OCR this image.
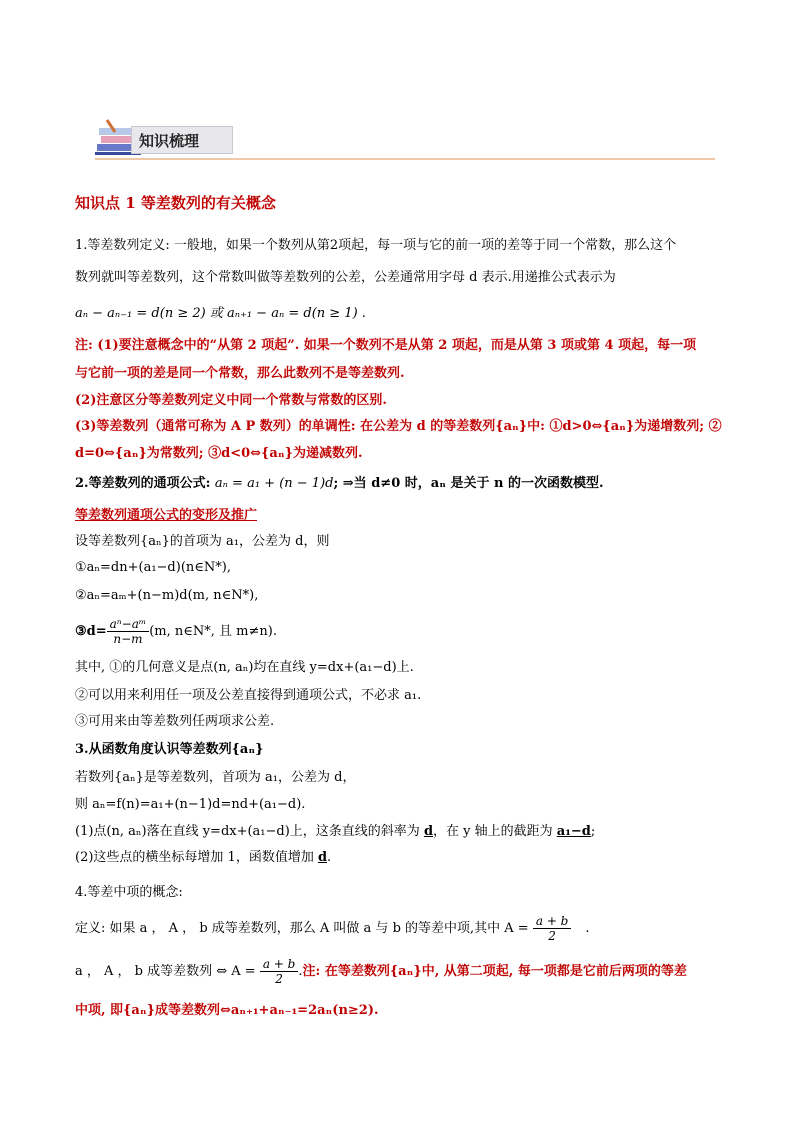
知识梳理
知识点 1 等差数列的有关概念
1.等差数列定义: 一般地，如果一个数列从第2项起，每一项与它的前一项的差等于同一个常数，那么这个
数列就叫等差数列，这个常数叫做等差数列的公差，公差通常用字母 d 表示.用递推公式表示为
aₙ − aₙ₋₁ = d(n ≥ 2) 或 aₙ₊₁ − aₙ = d(n ≥ 1) .
注: (1)要注意概念中的“从第 2 项起”. 如果一个数列不是从第 2 项起，而是从第 3 项或第 4 项起，每一项
与它前一项的差是同一个常数，那么此数列不是等差数列.
(2)注意区分等差数列定义中同一个常数与常数的区别.
(3)等差数列（通常可称为 A P 数列）的单调性: 在公差为 d 的等差数列{aₙ}中: ①d>0⇔{aₙ}为递增数列; ②
d=0⇔{aₙ}为常数列; ③d<0⇔{aₙ}为递减数列.
2.等差数列的通项公式: aₙ = a₁ + (n − 1)d; ⇒当 d≠0 时，aₙ 是关于 n 的一次函数模型.
等差数列通项公式的变形及推广
设等差数列{aₙ}的首项为 a₁，公差为 d，则
①aₙ=dn+(a₁−d)(n∈N*),
②aₙ=aₘ+(n−m)d(m, n∈N*),
③d= $\frac{\text{aⁿ−aᵐ}}{n-m} (m$, n∈N*, 且 m≠n).
其中, ①的几何意义是点(n, aₙ)均在直线 y=dx+(a₁−d)上.
②可以用来利用任一项及公差直接得到通项公式，不必求 a₁.
③可用来由等差数列任两项求公差.
3.从函数角度认识等差数列{aₙ}
若数列{aₙ}是等差数列，首项为 a₁，公差为 d，
则 aₙ=f(n)=a₁+(n−1)d=nd+(a₁−d).
(1)点(n, aₙ)落在直线 y=dx+(a₁−d)上，这条直线的斜率为 d，在 y 轴上的截距为 a₁−d;
(2)这些点的横坐标每增加 1，函数值增加 d.
4.等差中项的概念:
定义: 如果 a ， A ， b 成等差数列，那么 A 叫做 a 与 b 的等差中项,其中 $A = \frac{a + b}{2}$ .
a ， A ， b 成等差数列 ⇔ $A = \frac{a + b}{2}$ .注: 在等差数列{aₙ}中, 从第二项起, 每一项都是它前后两项的等差
中项, 即{aₙ}成等差数列⇔aₙ₊₁+aₙ₋₁=2aₙ(n≥2).
